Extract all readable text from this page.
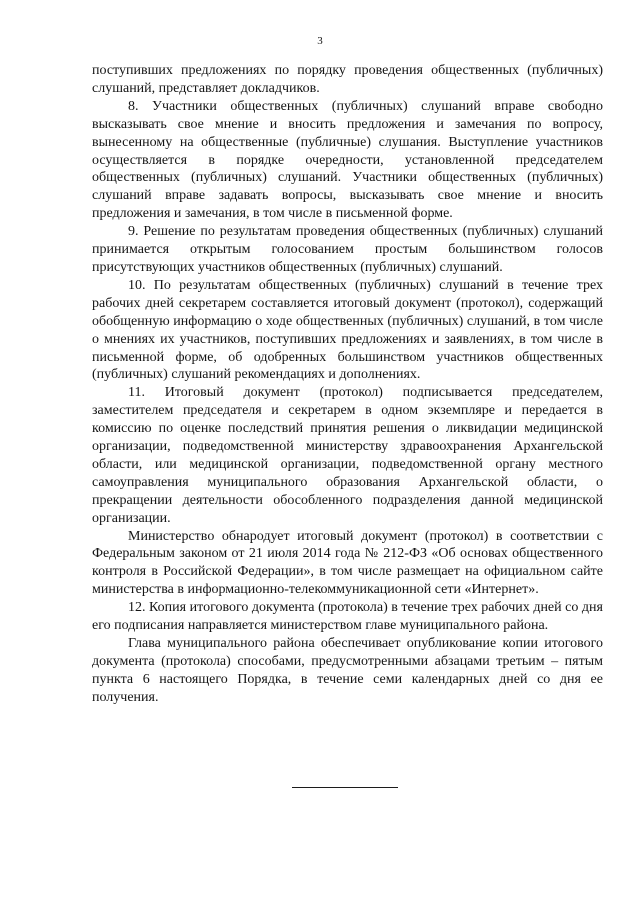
3

поступивших предложениях по порядку проведения общественных (публичных) слушаний, представляет докладчиков.

8. Участники общественных (публичных) слушаний вправе свободно высказывать свое мнение и вносить предложения и замечания по вопросу, вынесенному на общественные (публичные) слушания. Выступление участников осуществляется в порядке очередности, установленной председателем общественных (публичных) слушаний. Участники общественных (публичных) слушаний вправе задавать вопросы, высказывать свое мнение и вносить предложения и замечания, в том числе в письменной форме.

9. Решение по результатам проведения общественных (публичных) слушаний принимается открытым голосованием простым большинством голосов присутствующих участников общественных (публичных) слушаний.

10. По результатам общественных (публичных) слушаний в течение трех рабочих дней секретарем составляется итоговый документ (протокол), содержащий обобщенную информацию о ходе общественных (публичных) слушаний, в том числе о мнениях их участников, поступивших предложениях и заявлениях, в том числе в письменной форме, об одобренных большинством участников общественных (публичных) слушаний рекомендациях и дополнениях.

11. Итоговый документ (протокол) подписывается председателем, заместителем председателя и секретарем в одном экземпляре и передается в комиссию по оценке последствий принятия решения о ликвидации медицинской организации, подведомственной министерству здравоохранения Архангельской области, или медицинской организации, подведомственной органу местного самоуправления муниципального образования Архангельской области, о прекращении деятельности обособленного подразделения данной медицинской организации.

Министерство обнародует итоговый документ (протокол) в соответствии с Федеральным законом от 21 июля 2014 года № 212-ФЗ «Об основах общественного контроля в Российской Федерации», в том числе размещает на официальном сайте министерства в информационно-телекоммуникационной сети «Интернет».

12. Копия итогового документа (протокола) в течение трех рабочих дней со дня его подписания направляется министерством главе муниципального района.

Глава муниципального района обеспечивает опубликование копии итогового документа (протокола) способами, предусмотренными абзацами третьим – пятым пункта 6 настоящего Порядка, в течение семи календарных дней со дня ее получения.
